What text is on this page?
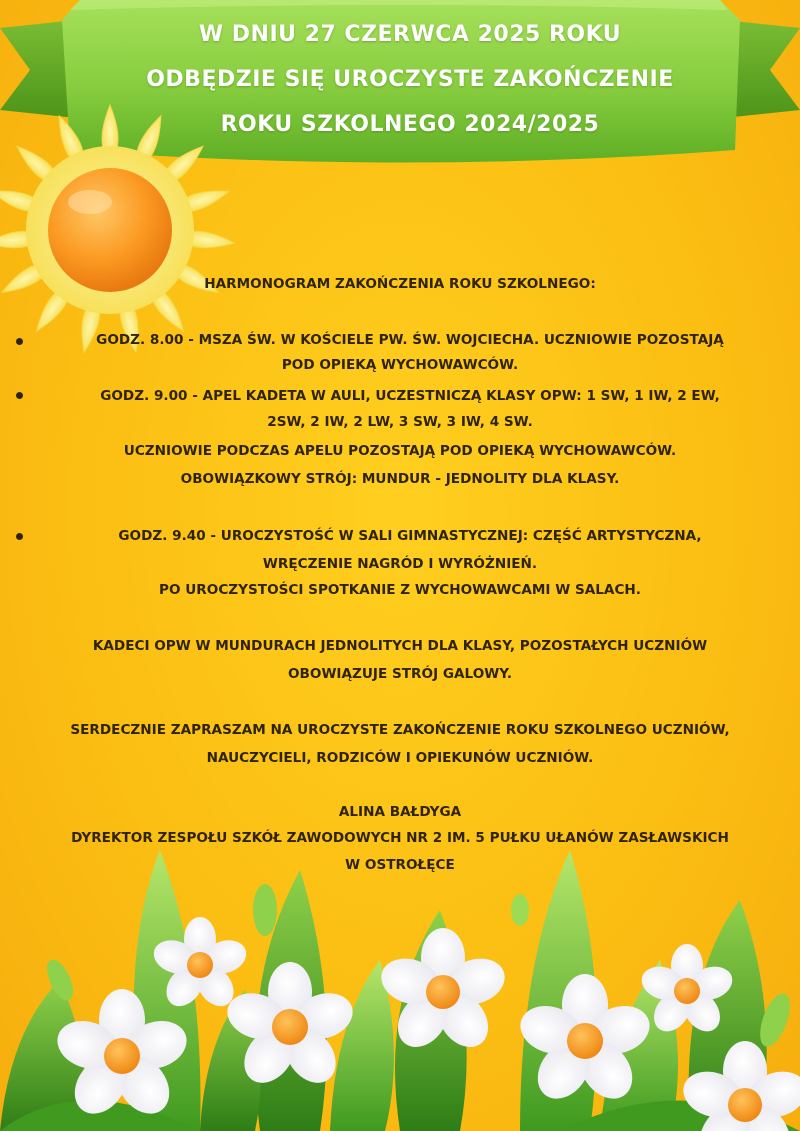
W DNIU 27 CZERWCA 2025 ROKU
ODBĘDZIE SIĘ UROCZYSTE ZAKOŃCZENIE
ROKU SZKOLNEGO 2024/2025
HARMONOGRAM ZAKOŃCZENIA ROKU SZKOLNEGO:
GODZ. 8.00 - MSZA ŚW. W KOŚCIELE PW. ŚW. WOJCIECHA. UCZNIOWIE POZOSTAJĄ
POD OPIEKĄ WYCHOWAWCÓW.
GODZ. 9.00 - APEL KADETA W AULI, UCZESTNICZĄ KLASY OPW: 1 SW, 1 IW, 2 EW,
2SW, 2 IW, 2 LW, 3 SW, 3 IW, 4 SW.
UCZNIOWIE PODCZAS APELU POZOSTAJĄ POD OPIEKĄ WYCHOWAWCÓW.
OBOWIĄZKOWY STRÓJ: MUNDUR - JEDNOLITY DLA KLASY.
GODZ. 9.40 - UROCZYSTOŚĆ W SALI GIMNASTYCZNEJ: CZĘŚĆ ARTYSTYCZNA,
WRĘCZENIE NAGRÓD I WYRÓŻNIEŃ.
PO UROCZYSTOŚCI SPOTKANIE Z WYCHOWAWCAMI W SALACH.
KADECI OPW W MUNDURACH JEDNOLITYCH DLA KLASY, POZOSTAŁYCH UCZNIÓW
OBOWIĄZUJE STRÓJ GALOWY.
SERDECZNIE ZAPRASZAM NA UROCZYSTE ZAKOŃCZENIE ROKU SZKOLNEGO UCZNIÓW,
NAUCZYCIELI, RODZICÓW I OPIEKUNÓW UCZNIÓW.
ALINA BAŁDYGA
DYREKTOR ZESPOŁU SZKÓŁ ZAWODOWYCH NR 2 IM. 5 PUŁKU UŁANÓW ZASŁAWSKICH
W OSTROŁĘCE
